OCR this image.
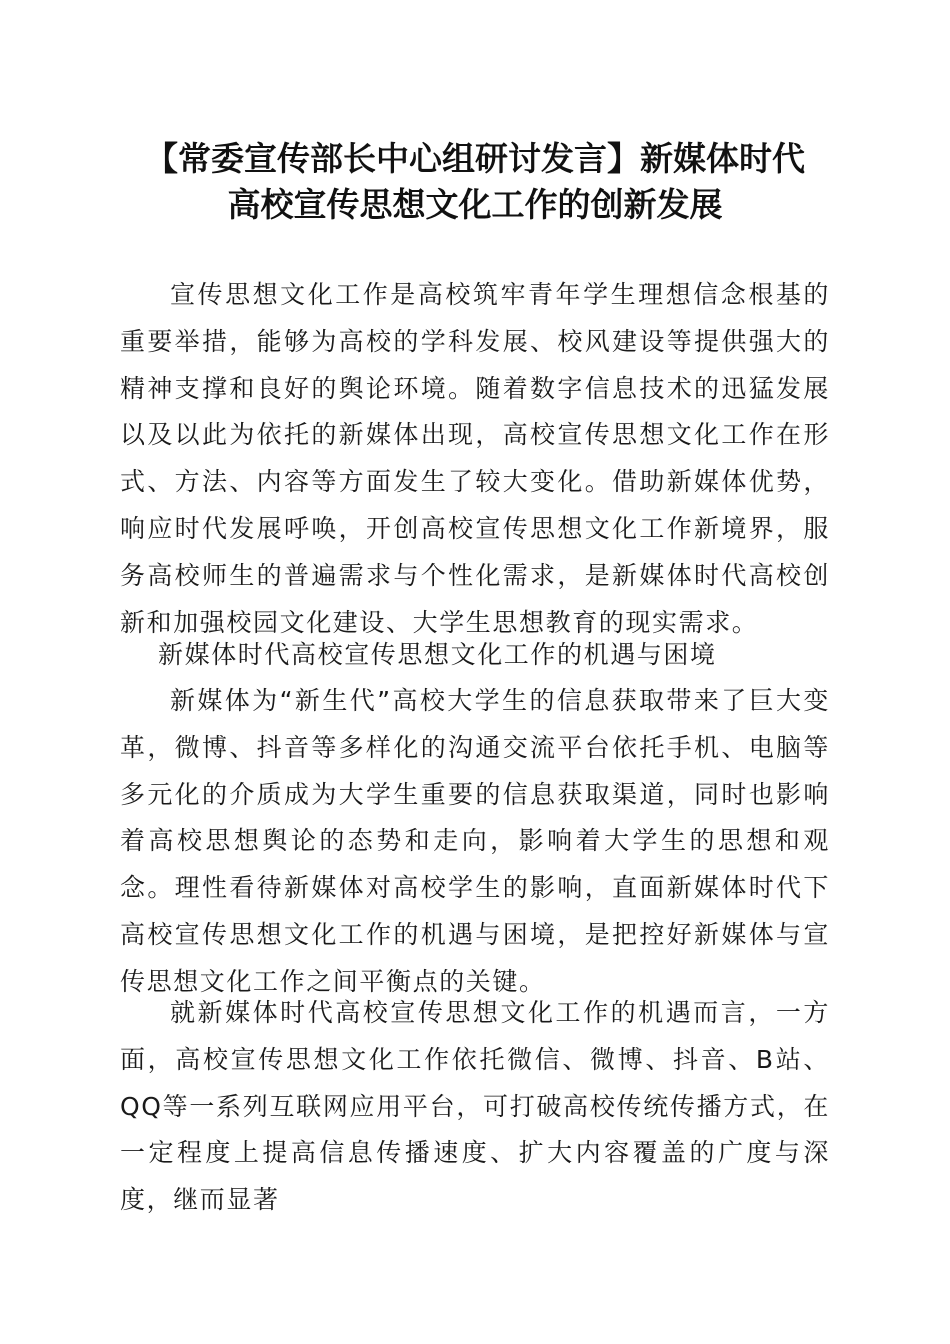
【常委宣传部长中心组研讨发言】新媒体时代
高校宣传思想文化工作的创新发展

宣传思想文化工作是高校筑牢青年学生理想信念根基的重要举措，能够为高校的学科发展、校风建设等提供强大的精神支撑和良好的舆论环境。随着数字信息技术的迅猛发展以及以此为依托的新媒体出现，高校宣传思想文化工作在形式、方法、内容等方面发生了较大变化。借助新媒体优势，响应时代发展呼唤，开创高校宣传思想文化工作新境界，服务高校师生的普遍需求与个性化需求，是新媒体时代高校创新和加强校园文化建设、大学生思想教育的现实需求。

新媒体时代高校宣传思想文化工作的机遇与困境

新媒体为“新生代”高校大学生的信息获取带来了巨大变革，微博、抖音等多样化的沟通交流平台依托手机、电脑等多元化的介质成为大学生重要的信息获取渠道，同时也影响着高校思想舆论的态势和走向，影响着大学生的思想和观念。理性看待新媒体对高校学生的影响，直面新媒体时代下高校宣传思想文化工作的机遇与困境，是把控好新媒体与宣传思想文化工作之间平衡点的关键。

就新媒体时代高校宣传思想文化工作的机遇而言，一方面，高校宣传思想文化工作依托微信、微博、抖音、B站、QQ等一系列互联网应用平台，可打破高校传统传播方式，在一定程度上提高信息传播速度、扩大内容覆盖的广度与深度，继而显著
